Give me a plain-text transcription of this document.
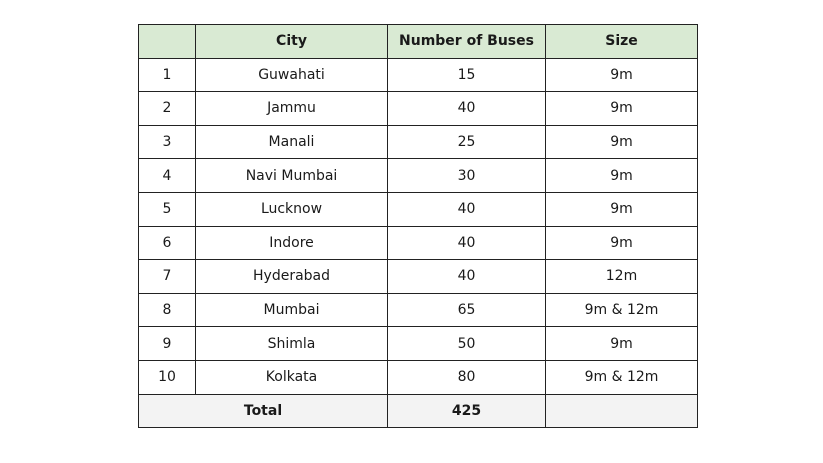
	City	Number of Buses	Size
1	Guwahati	15	9m
2	Jammu	40	9m
3	Manali	25	9m
4	Navi Mumbai	30	9m
5	Lucknow	40	9m
6	Indore	40	9m
7	Hyderabad	40	12m
8	Mumbai	65	9m & 12m
9	Shimla	50	9m
10	Kolkata	80	9m & 12m
Total		425	
